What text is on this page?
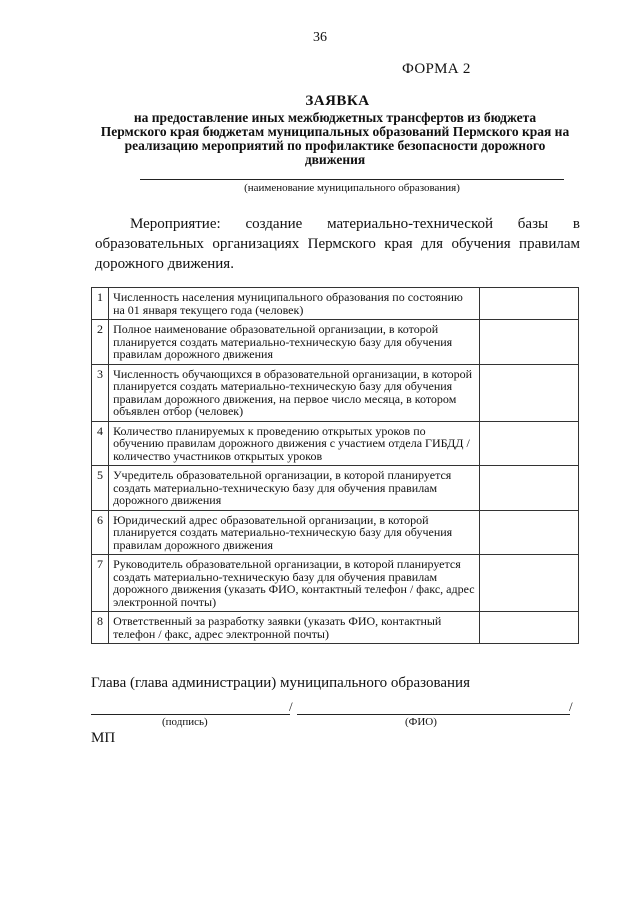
36
ФОРМА 2
ЗАЯВКА
на предоставление иных межбюджетных трансфертов из бюджета Пермского края бюджетам муниципальных образований Пермского края на реализацию мероприятий по профилактике безопасности дорожного движения
(наименование муниципального образования)
Мероприятие: создание материально-технической базы в образовательных организациях Пермского края для обучения правилам дорожного движения.
1	Численность населения муниципального образования по состоянию на 01 января текущего года (человек)	
2	Полное наименование образовательной организации, в которой планируется создать материально-техническую базу для обучения правилам дорожного движения	
3	Численность обучающихся в образовательной организации, в которой планируется создать материально-техническую базу для обучения правилам дорожного движения, на первое число месяца, в котором объявлен отбор (человек)	
4	Количество планируемых к проведению открытых уроков по обучению правилам дорожного движения с участием отдела ГИБДД / количество участников открытых уроков	
5	Учредитель образовательной организации, в которой планируется создать материально-техническую базу для обучения правилам дорожного движения	
6	Юридический адрес образовательной организации, в которой планируется создать материально-техническую базу для обучения правилам дорожного движения	
7	Руководитель образовательной организации, в которой планируется создать материально-техническую базу для обучения правилам дорожного движения (указать ФИО, контактный телефон / факс, адрес электронной почты)	
8	Ответственный за разработку заявки (указать ФИО, контактный телефон / факс, адрес электронной почты)	
Глава (глава администрации) муниципального образования
/	/
(подпись)	(ФИО)
МП
